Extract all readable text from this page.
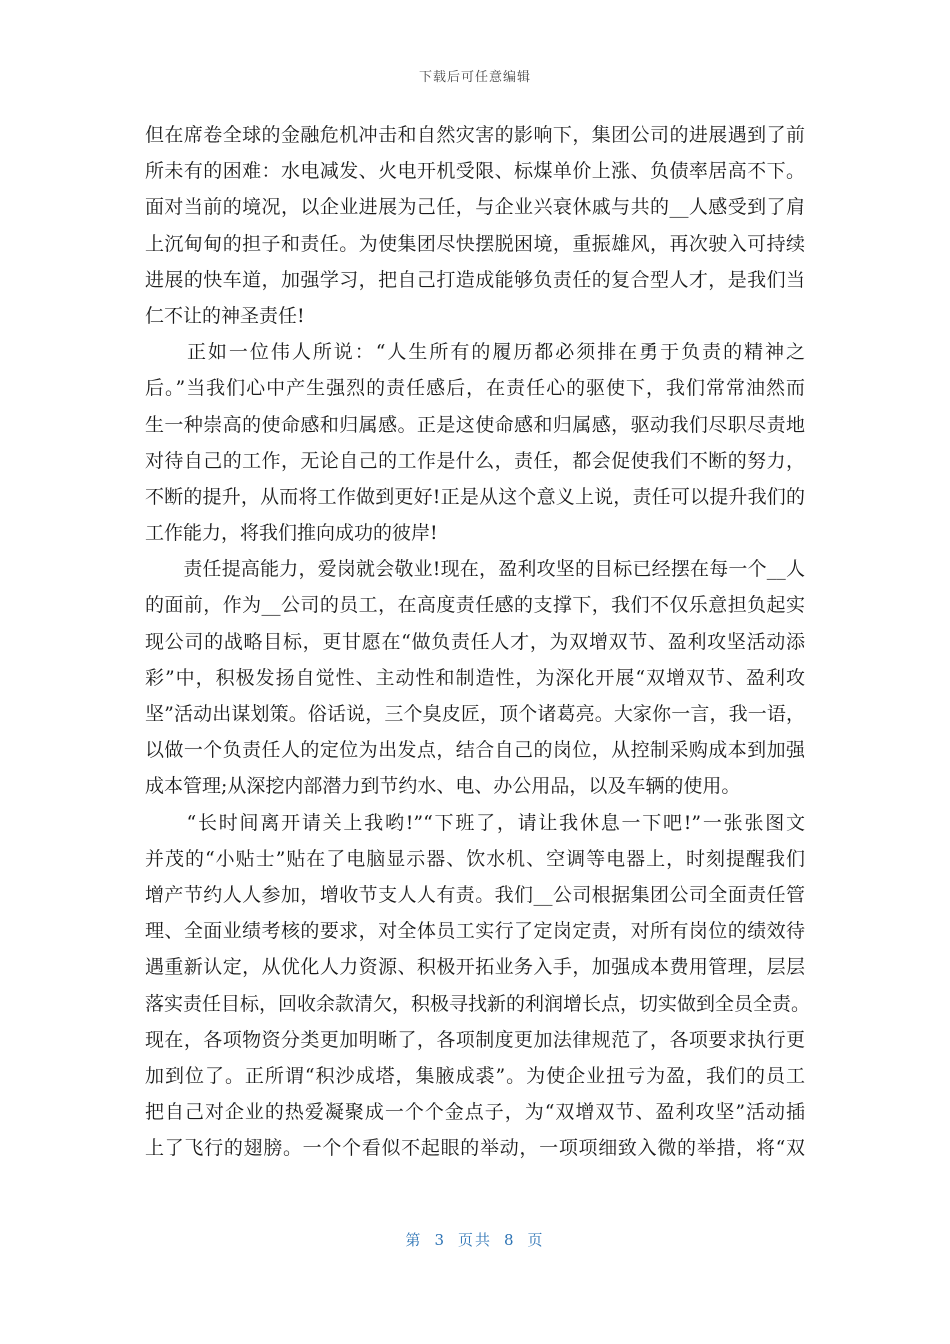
下载后可任意编辑
但在席卷全球的金融危机冲击和自然灾害的影响下，集团公司的进展遇到了前
所未有的困难：水电减发、火电开机受限、标煤单价上涨、负债率居高不下。
面对当前的境况，以企业进展为己任，与企业兴衰休戚与共的__人感受到了肩
上沉甸甸的担子和责任。为使集团尽快摆脱困境，重振雄风，再次驶入可持续
进展的快车道，加强学习，把自己打造成能够负责任的复合型人才，是我们当
仁不让的神圣责任!
　　正如一位伟人所说：“人生所有的履历都必须排在勇于负责的精神之
后。”当我们心中产生强烈的责任感后，在责任心的驱使下，我们常常油然而
生一种崇高的使命感和归属感。正是这使命感和归属感，驱动我们尽职尽责地
对待自己的工作，无论自己的工作是什么，责任，都会促使我们不断的努力，
不断的提升，从而将工作做到更好!正是从这个意义上说，责任可以提升我们的
工作能力，将我们推向成功的彼岸!
　　责任提高能力，爱岗就会敬业!现在，盈利攻坚的目标已经摆在每一个__人
的面前，作为__公司的员工，在高度责任感的支撑下，我们不仅乐意担负起实
现公司的战略目标，更甘愿在“做负责任人才，为双增双节、盈利攻坚活动添
彩”中，积极发扬自觉性、主动性和制造性，为深化开展“双增双节、盈利攻
坚”活动出谋划策。俗话说，三个臭皮匠，顶个诸葛亮。大家你一言，我一语，
以做一个负责任人的定位为出发点，结合自己的岗位，从控制采购成本到加强
成本管理;从深挖内部潜力到节约水、电、办公用品，以及车辆的使用。
　　“长时间离开请关上我哟!”“下班了，请让我休息一下吧!”一张张图文
并茂的“小贴士”贴在了电脑显示器、饮水机、空调等电器上，时刻提醒我们
增产节约人人参加，增收节支人人有责。我们__公司根据集团公司全面责任管
理、全面业绩考核的要求，对全体员工实行了定岗定责，对所有岗位的绩效待
遇重新认定，从优化人力资源、积极开拓业务入手，加强成本费用管理，层层
落实责任目标，回收余款清欠，积极寻找新的利润增长点，切实做到全员全责。
现在，各项物资分类更加明晰了，各项制度更加法律规范了，各项要求执行更
加到位了。正所谓“积沙成塔，集腋成裘”。为使企业扭亏为盈，我们的员工
把自己对企业的热爱凝聚成一个个金点子，为“双增双节、盈利攻坚”活动插
上了飞行的翅膀。一个个看似不起眼的举动，一项项细致入微的举措，将“双
第 3 页共 8 页
